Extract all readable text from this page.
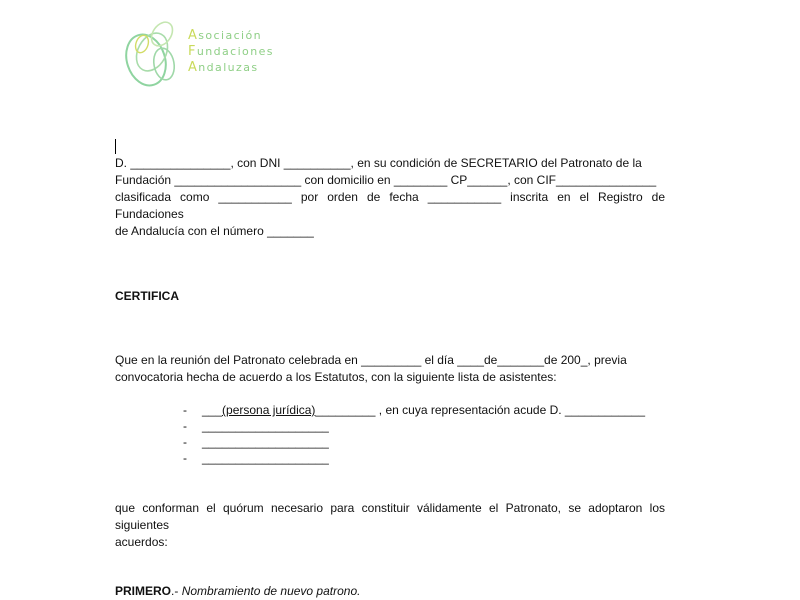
Asociación
Fundaciones
Andaluzas
D. _______________, con DNI __________, en su condición de SECRETARIO del Patronato de la
Fundación ___________________ con domicilio en ________ CP______, con CIF_______________
clasificada como ___________ por orden de fecha ___________ inscrita en el Registro de Fundaciones
de Andalucía con el número _______
CERTIFICA
Que en la reunión del Patronato celebrada en _________ el día ____de_______de 200_, previa
convocatoria hecha de acuerdo a los Estatutos, con la siguiente lista de asistentes:
-	___ (persona jurídica) _________ , en cuya representación acude D. ____________
-	___________________
-	___________________
-	___________________
que conforman el quórum necesario para constituir válidamente el Patronato, se adoptaron los siguientes
acuerdos:
PRIMERO.- Nombramiento de nuevo patrono.
